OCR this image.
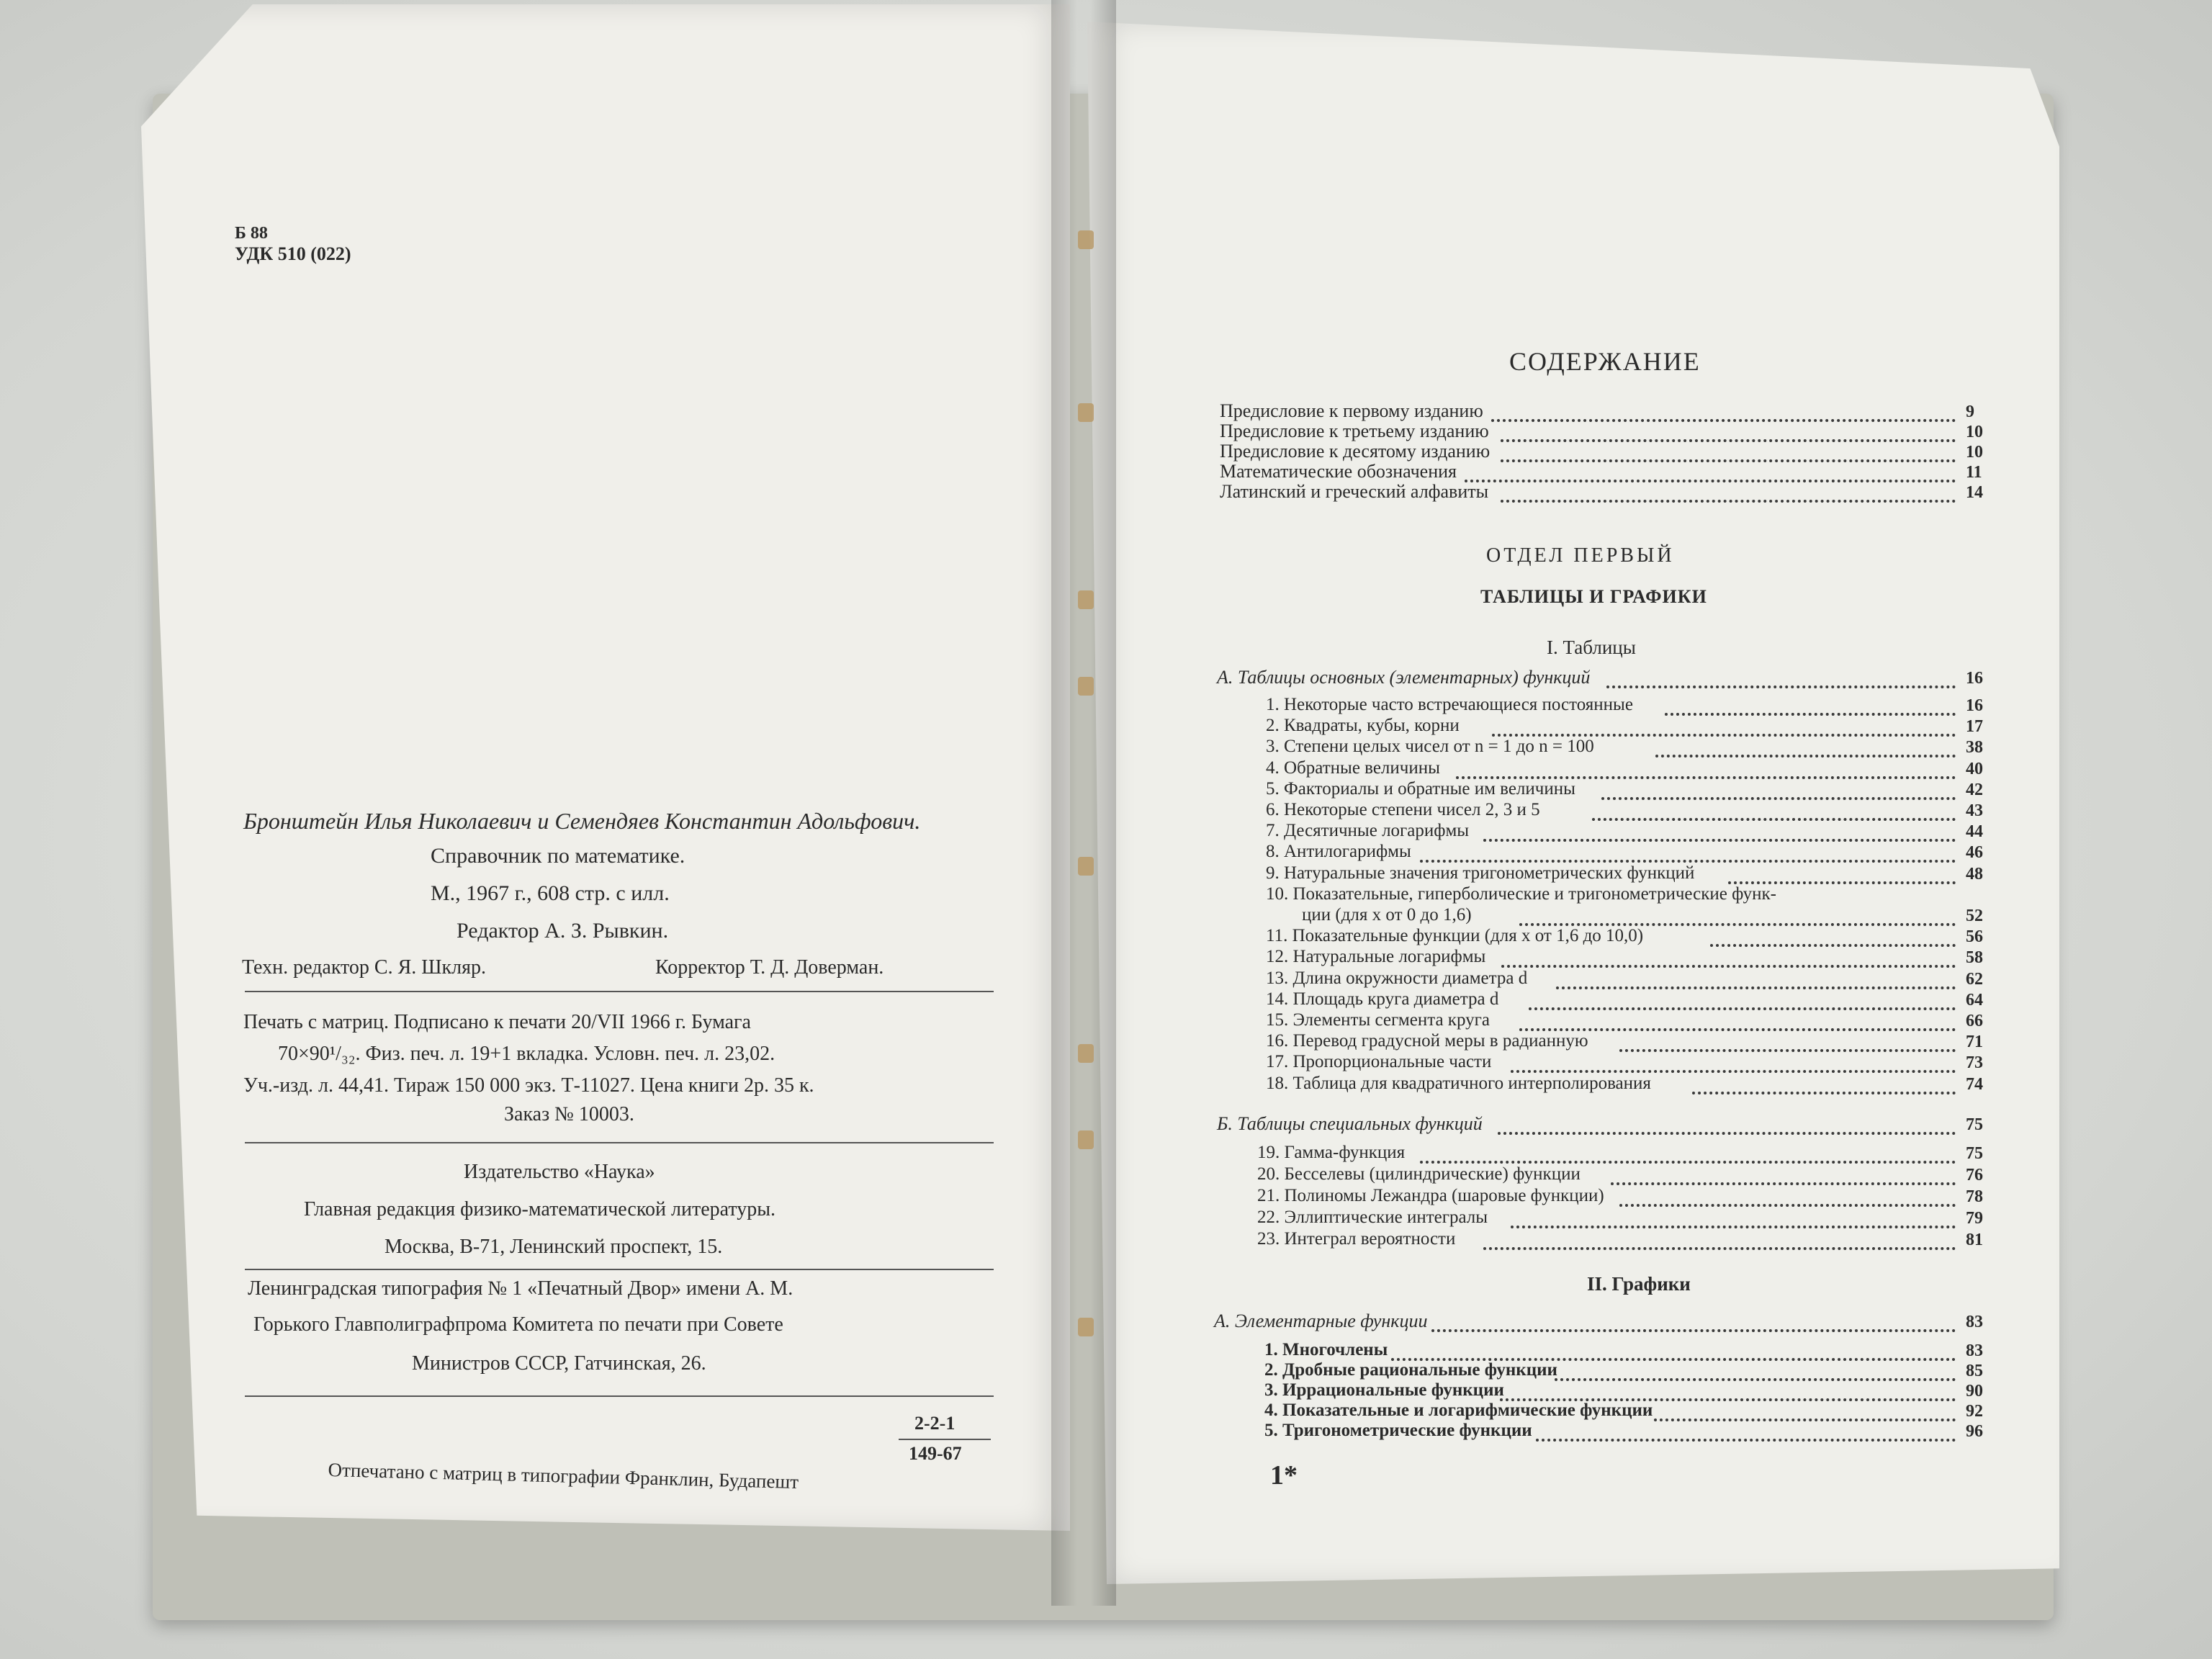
Б 88
УДК 510 (022)
Бронштейн Илья Николаевич и Семендяев Константин Адольфович.
Справочник по математике.
М., 1967 г., 608 стр. с илл.
Редактор А. З. Рывкин.
Техн. редактор С. Я. Шкляр.	Корректор Т. Д. Доверман.
Печать с матриц. Подписано к печати 20/VII 1966 г. Бумага
70×90¹/₃₂. Физ. печ. л. 19+1 вкладка. Условн. печ. л. 23,02.
Уч.-изд. л. 44,41. Тираж 150 000 экз. Т-11027. Цена книги 2р. 35 к.
Заказ № 10003.
Издательство «Наука»
Главная редакция физико-математической литературы.
Москва, В-71, Ленинский проспект, 15.
Ленинградская типография № 1 «Печатный Двор» имени А. М.
Горького Главполиграфпрома Комитета по печати при Совете
Министров СССР, Гатчинская, 26.
2-2-1
149-67
Отпечатано с матриц в типографии Франклин, Будапешт
СОДЕРЖАНИЕ
Предисловие к первому изданию	9
Предисловие к третьему изданию	10
Предисловие к десятому изданию	10
Математические обозначения	11
Латинский и греческий алфавиты	14
А. Таблицы основных (элементарных) функций	16
1. Некоторые часто встречающиеся постоянные	16
2. Квадраты, кубы, корни	17
3. Степени целых чисел от n = 1 до n = 100	38
4. Обратные величины	40
5. Факториалы и обратные им величины	42
6. Некоторые степени чисел 2, 3 и 5	43
7. Десятичные логарифмы	44
8. Антилогарифмы	46
9. Натуральные значения тригонометрических функций	48
10. Показательные, гиперболические и тригонометрические функ-
ции (для x от 0 до 1,6)	52
11. Показательные функции (для x от 1,6 до 10,0)	56
12. Натуральные логарифмы	58
13. Длина окружности диаметра d	62
14. Площадь круга диаметра d	64
15. Элементы сегмента круга	66
16. Перевод градусной меры в радианную	71
17. Пропорциональные части	73
18. Таблица для квадратичного интерполирования	74
Б. Таблицы специальных функций	75
19. Гамма-функция	75
20. Бесселевы (цилиндрические) функции	76
21. Полиномы Лежандра (шаровые функции)	78
22. Эллиптические интегралы	79
23. Интеграл вероятности	81
А. Элементарные функции	83
1. Многочлены	83
2. Дробные рациональные функции	85
3. Иррациональные функции	90
4. Показательные и логарифмические функции	92
5. Тригонометрические функции	96
ОТДЕЛ ПЕРВЫЙ
ТАБЛИЦЫ И ГРАФИКИ
I. Таблицы
II. Графики
1*
